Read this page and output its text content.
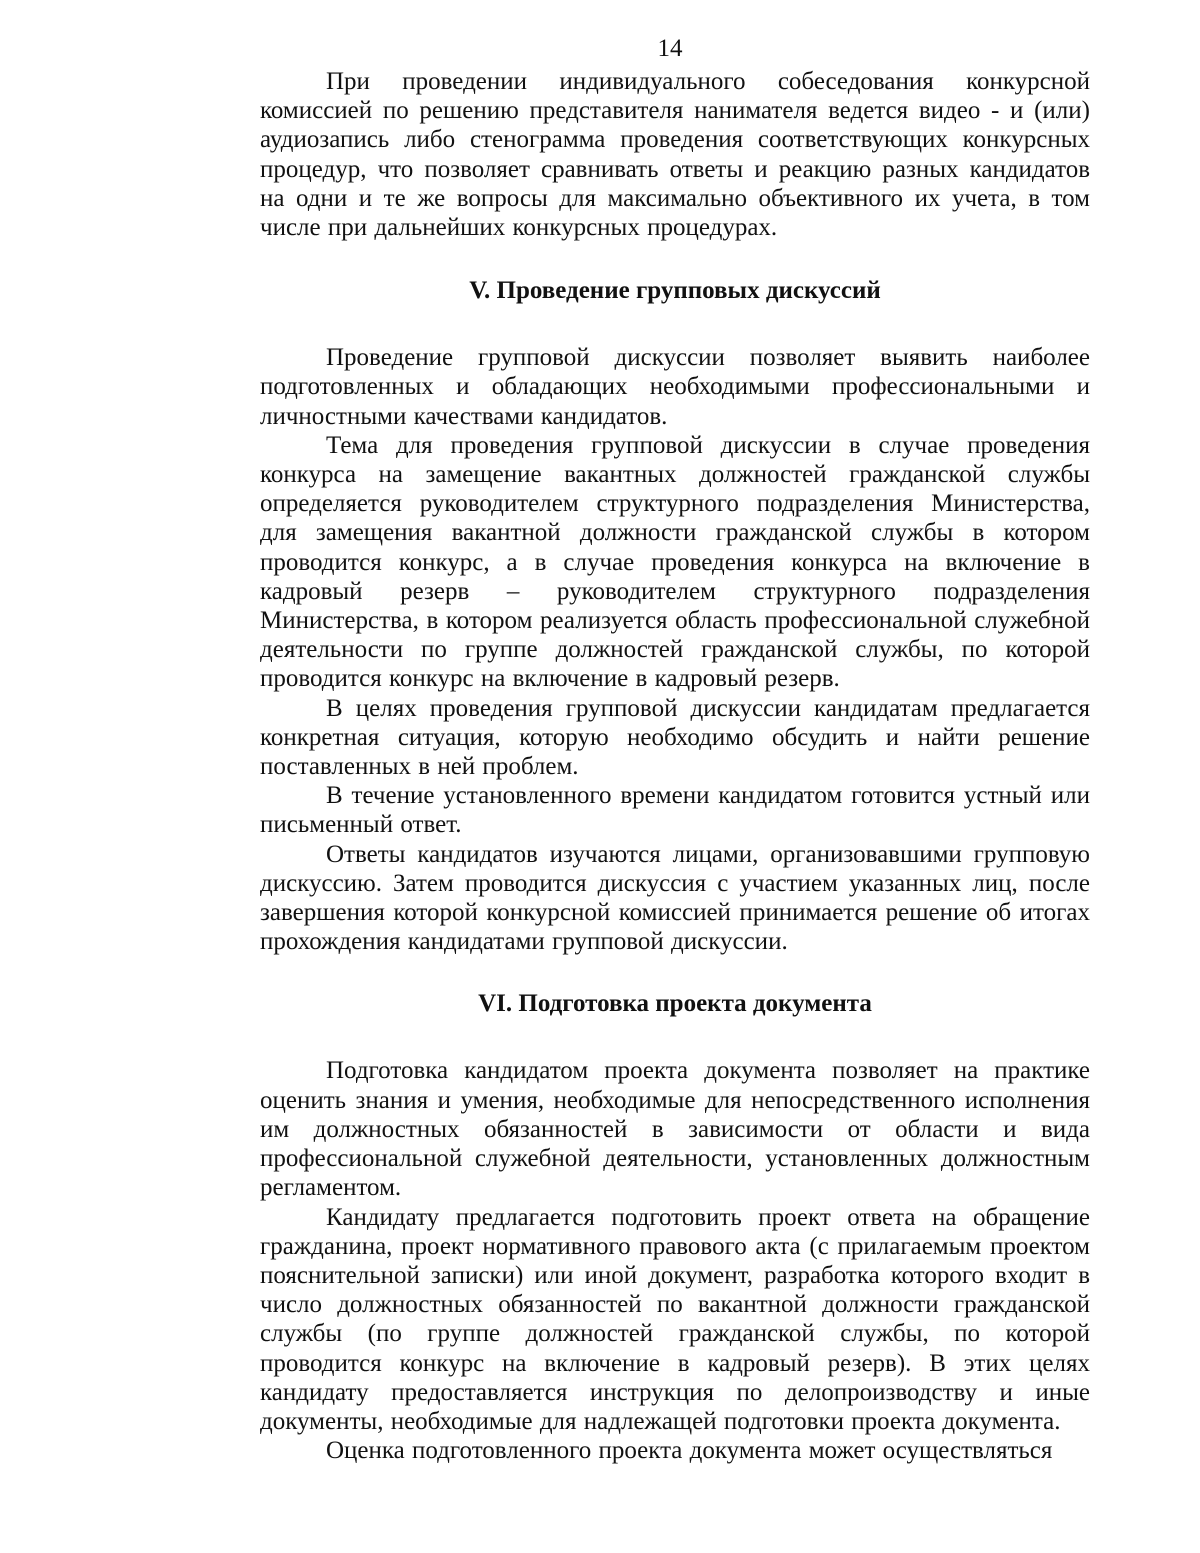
14

При проведении индивидуального собеседования конкурсной комиссией по решению представителя нанимателя ведется видео - и (или) аудиозапись либо стенограмма проведения соответствующих конкурсных процедур, что позволяет сравнивать ответы и реакцию разных кандидатов на одни и те же вопросы для максимально объективного их учета, в том числе при дальнейших конкурсных процедурах.

V. Проведение групповых дискуссий

Проведение групповой дискуссии позволяет выявить наиболее подготовленных и обладающих необходимыми профессиональными и личностными качествами кандидатов.

Тема для проведения групповой дискуссии в случае проведения конкурса на замещение вакантных должностей гражданской службы определяется руководителем структурного подразделения Министерства, для замещения вакантной должности гражданской службы в котором проводится конкурс, а в случае проведения конкурса на включение в кадровый резерв – руководителем структурного подразделения Министерства, в котором реализуется область профессиональной служебной деятельности по группе должностей гражданской службы, по которой проводится конкурс на включение в кадровый резерв.

В целях проведения групповой дискуссии кандидатам предлагается конкретная ситуация, которую необходимо обсудить и найти решение поставленных в ней проблем.

В течение установленного времени кандидатом готовится устный или письменный ответ.

Ответы кандидатов изучаются лицами, организовавшими групповую дискуссию. Затем проводится дискуссия с участием указанных лиц, после завершения которой конкурсной комиссией принимается решение об итогах прохождения кандидатами групповой дискуссии.

VI. Подготовка проекта документа

Подготовка кандидатом проекта документа позволяет на практике оценить знания и умения, необходимые для непосредственного исполнения им должностных обязанностей в зависимости от области и вида профессиональной служебной деятельности, установленных должностным регламентом.

Кандидату предлагается подготовить проект ответа на обращение гражданина, проект нормативного правового акта (с прилагаемым проектом пояснительной записки) или иной документ, разработка которого входит в число должностных обязанностей по вакантной должности гражданской службы (по группе должностей гражданской службы, по которой проводится конкурс на включение в кадровый резерв). В этих целях кандидату предоставляется инструкция по делопроизводству и иные документы, необходимые для надлежащей подготовки проекта документа.

Оценка подготовленного проекта документа может осуществляться
